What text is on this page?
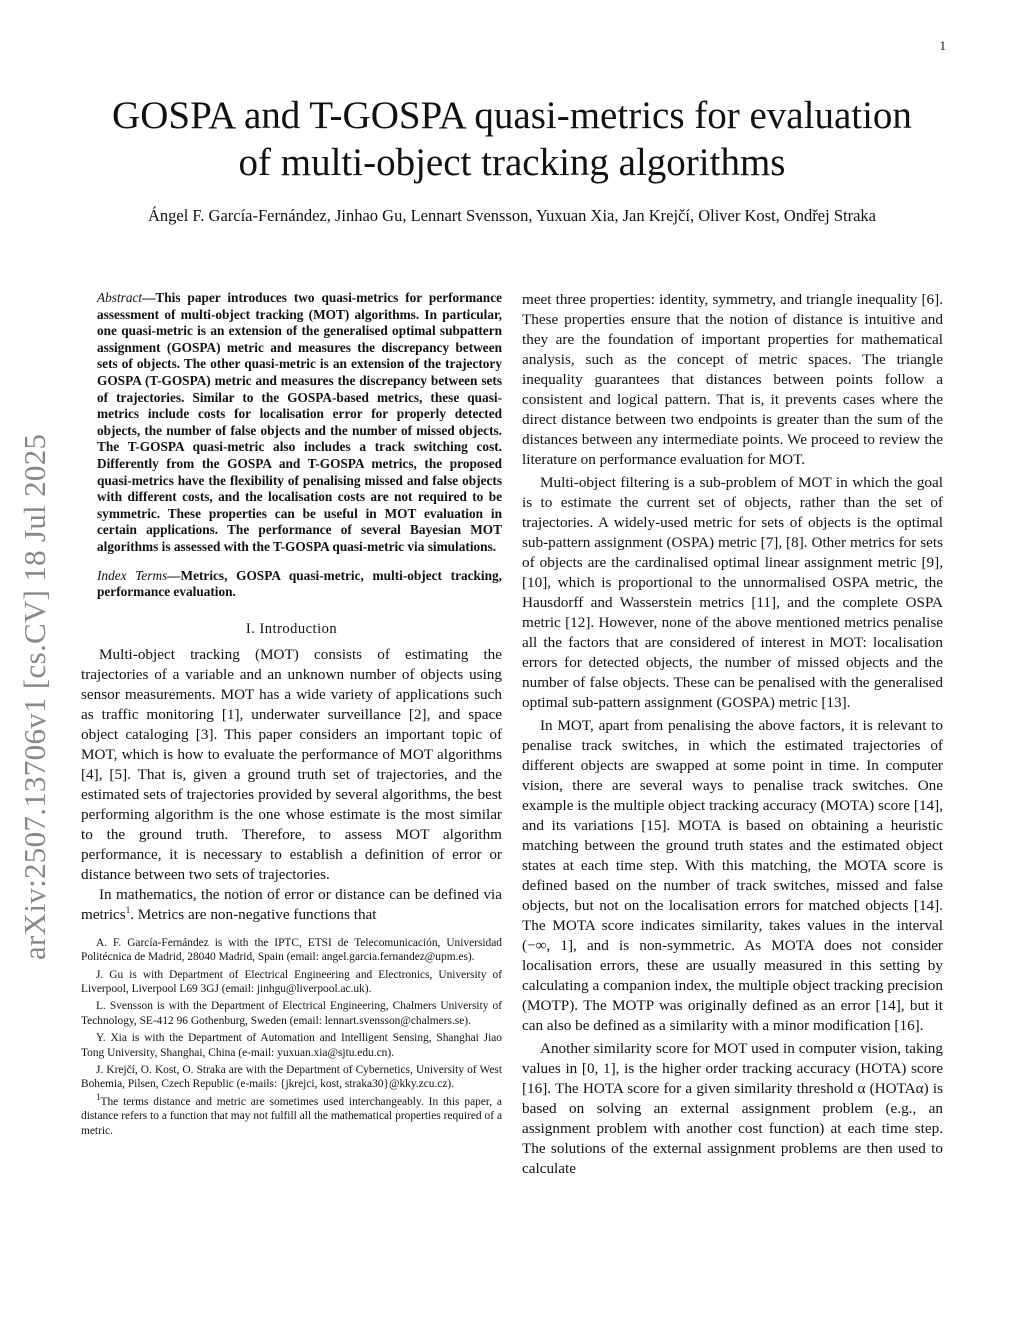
1
arXiv:2507.13706v1 [cs.CV] 18 Jul 2025
GOSPA and T-GOSPA quasi-metrics for evaluation
of multi-object tracking algorithms
Ángel F. García-Fernández, Jinhao Gu, Lennart Svensson, Yuxuan Xia, Jan Krejčí, Oliver Kost, Ondřej Straka

Abstract—This paper introduces two quasi-metrics for performance assessment of multi-object tracking (MOT) algorithms. In particular, one quasi-metric is an extension of the generalised optimal subpattern assignment (GOSPA) metric and measures the discrepancy between sets of objects. The other quasi-metric is an extension of the trajectory GOSPA (T-GOSPA) metric and measures the discrepancy between sets of trajectories. Similar to the GOSPA-based metrics, these quasi-metrics include costs for localisation error for properly detected objects, the number of false objects and the number of missed objects. The T-GOSPA quasi-metric also includes a track switching cost. Differently from the GOSPA and T-GOSPA metrics, the proposed quasi-metrics have the flexibility of penalising missed and false objects with different costs, and the localisation costs are not required to be symmetric. These properties can be useful in MOT evaluation in certain applications. The performance of several Bayesian MOT algorithms is assessed with the T-GOSPA quasi-metric via simulations.

Index Terms—Metrics, GOSPA quasi-metric, multi-object tracking, performance evaluation.

I. Introduction

Multi-object tracking (MOT) consists of estimating the trajectories of a variable and an unknown number of objects using sensor measurements. MOT has a wide variety of applications such as traffic monitoring [1], underwater surveillance [2], and space object cataloging [3]. This paper considers an important topic of MOT, which is how to evaluate the performance of MOT algorithms [4], [5]. That is, given a ground truth set of trajectories, and the estimated sets of trajectories provided by several algorithms, the best performing algorithm is the one whose estimate is the most similar to the ground truth. Therefore, to assess MOT algorithm performance, it is necessary to establish a definition of error or distance between two sets of trajectories.

In mathematics, the notion of error or distance can be defined via metrics$^1$. Metrics are non-negative functions that

A. F. García-Fernández is with the IPTC, ETSI de Telecomunicación, Universidad Politécnica de Madrid, 28040 Madrid, Spain (email: angel.garcia.fernandez@upm.es).

J. Gu is with Department of Electrical Engineering and Electronics, University of Liverpool, Liverpool L69 3GJ (email: jinhgu@liverpool.ac.uk).

L. Svensson is with the Department of Electrical Engineering, Chalmers University of Technology, SE-412 96 Gothenburg, Sweden (email: lennart.svensson@chalmers.se).

Y. Xia is with the Department of Automation and Intelligent Sensing, Shanghai Jiao Tong University, Shanghai, China (e-mail: yuxuan.xia@sjtu.edu.cn).

J. Krejčí, O. Kost, O. Straka are with the Department of Cybernetics, University of West Bohemia, Pilsen, Czech Republic (e-mails: {jkrejci, kost, straka30}@kky.zcu.cz).

$^1$The terms distance and metric are sometimes used interchangeably. In this paper, a distance refers to a function that may not fulfill all the mathematical properties required of a metric.

meet three properties: identity, symmetry, and triangle inequality [6]. These properties ensure that the notion of distance is intuitive and they are the foundation of important properties for mathematical analysis, such as the concept of metric spaces. The triangle inequality guarantees that distances between points follow a consistent and logical pattern. That is, it prevents cases where the direct distance between two endpoints is greater than the sum of the distances between any intermediate points. We proceed to review the literature on performance evaluation for MOT.

Multi-object filtering is a sub-problem of MOT in which the goal is to estimate the current set of objects, rather than the set of trajectories. A widely-used metric for sets of objects is the optimal sub-pattern assignment (OSPA) metric [7], [8]. Other metrics for sets of objects are the cardinalised optimal linear assignment metric [9], [10], which is proportional to the unnormalised OSPA metric, the Hausdorff and Wasserstein metrics [11], and the complete OSPA metric [12]. However, none of the above mentioned metrics penalise all the factors that are considered of interest in MOT: localisation errors for detected objects, the number of missed objects and the number of false objects. These can be penalised with the generalised optimal sub-pattern assignment (GOSPA) metric [13].

In MOT, apart from penalising the above factors, it is relevant to penalise track switches, in which the estimated trajectories of different objects are swapped at some point in time. In computer vision, there are several ways to penalise track switches. One example is the multiple object tracking accuracy (MOTA) score [14], and its variations [15]. MOTA is based on obtaining a heuristic matching between the ground truth states and the estimated object states at each time step. With this matching, the MOTA score is defined based on the number of track switches, missed and false objects, but not on the localisation errors for matched objects [14]. The MOTA score indicates similarity, takes values in the interval (−∞, 1], and is non-symmetric. As MOTA does not consider localisation errors, these are usually measured in this setting by calculating a companion index, the multiple object tracking precision (MOTP). The MOTP was originally defined as an error [14], but it can also be defined as a similarity with a minor modification [16].

Another similarity score for MOT used in computer vision, taking values in [0, 1], is the higher order tracking accuracy (HOTA) score [16]. The HOTA score for a given similarity threshold α (HOTAα) is based on solving an external assignment problem (e.g., an assignment problem with another cost function) at each time step. The solutions of the external assignment problems are then used to calculate
